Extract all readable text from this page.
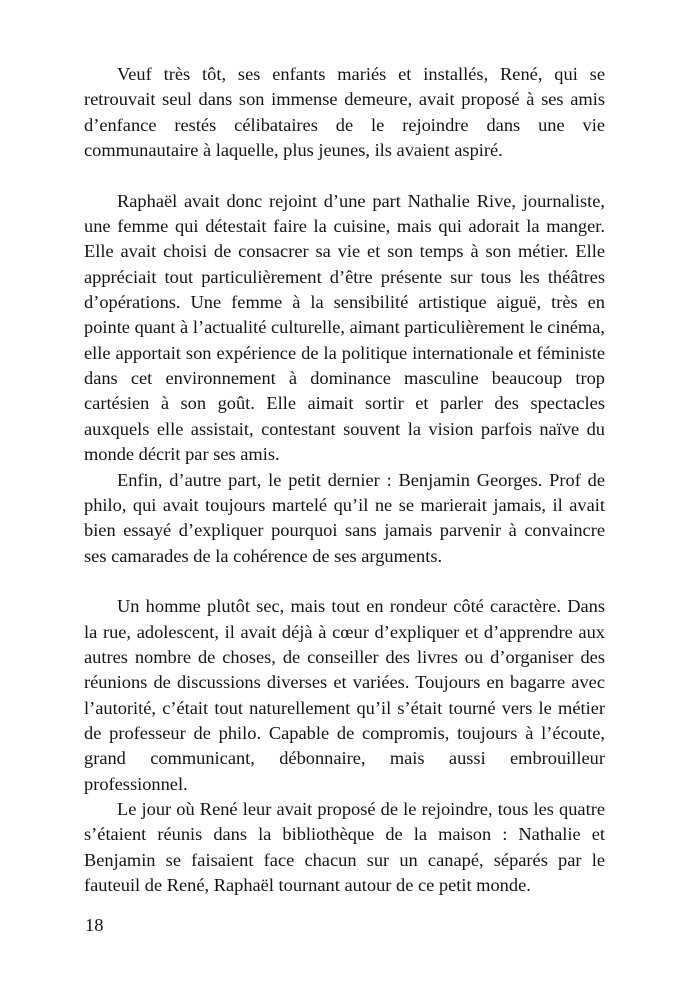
Veuf très tôt, ses enfants mariés et installés, René, qui se retrouvait seul dans son immense demeure, avait proposé à ses amis d’enfance restés célibataires de le rejoindre dans une vie communautaire à laquelle, plus jeunes, ils avaient aspiré.

Raphaël avait donc rejoint d’une part Nathalie Rive, journaliste, une femme qui détestait faire la cuisine, mais qui adorait la manger. Elle avait choisi de consacrer sa vie et son temps à son métier. Elle appréciait tout particulièrement d’être présente sur tous les théâtres d’opérations. Une femme à la sensibilité artistique aiguë, très en pointe quant à l’actualité culturelle, aimant particulièrement le cinéma, elle apportait son expérience de la politique internationale et féministe dans cet environnement à dominance masculine beaucoup trop cartésien à son goût. Elle aimait sortir et parler des spectacles auxquels elle assistait, contestant souvent la vision parfois naïve du monde décrit par ses amis.

Enfin, d’autre part, le petit dernier : Benjamin Georges. Prof de philo, qui avait toujours martelé qu’il ne se marierait jamais, il avait bien essayé d’expliquer pourquoi sans jamais parvenir à convaincre ses camarades de la cohérence de ses arguments.

Un homme plutôt sec, mais tout en rondeur côté caractère. Dans la rue, adolescent, il avait déjà à cœur d’expliquer et d’apprendre aux autres nombre de choses, de conseiller des livres ou d’organiser des réunions de discussions diverses et variées. Toujours en bagarre avec l’autorité, c’était tout naturellement qu’il s’était tourné vers le métier de professeur de philo. Capable de compromis, toujours à l’écoute, grand communicant, débonnaire, mais aussi embrouilleur professionnel.

Le jour où René leur avait proposé de le rejoindre, tous les quatre s’étaient réunis dans la bibliothèque de la maison : Nathalie et Benjamin se faisaient face chacun sur un canapé, séparés par le fauteuil de René, Raphaël tournant autour de ce petit monde.

18
